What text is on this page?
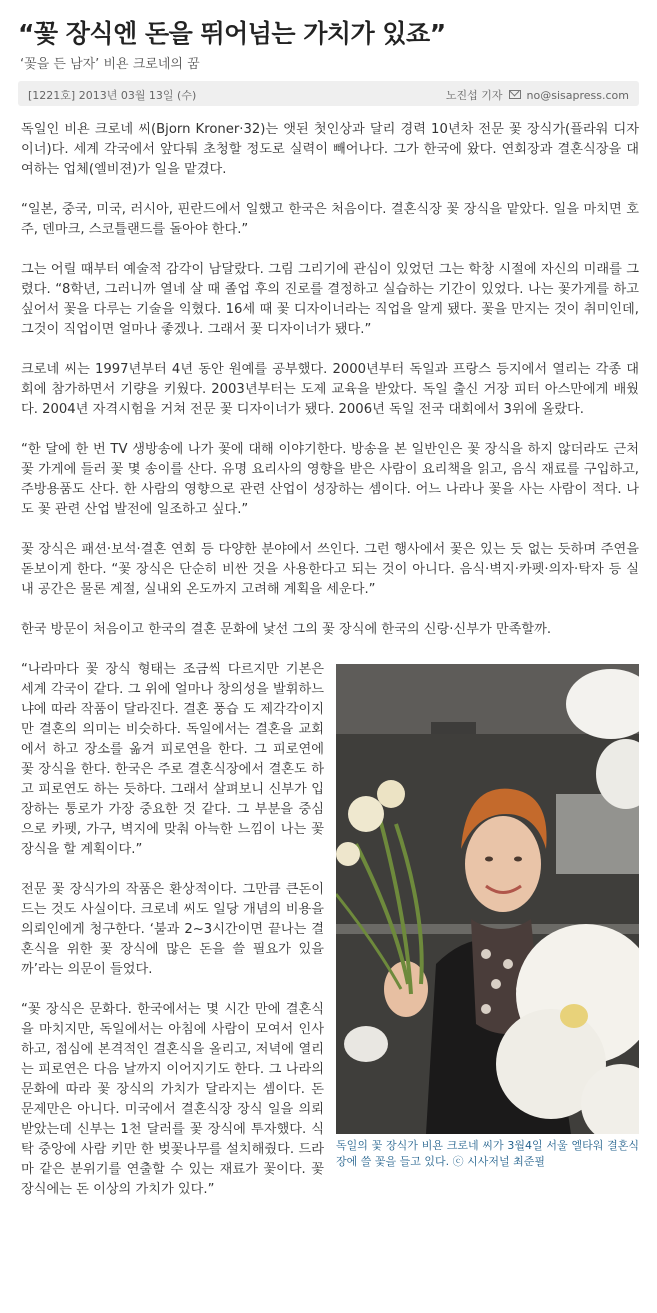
“꽃 장식엔 돈을 뛰어넘는 가치가 있죠”
‘꽃을 든 남자’ 비욘 크로네의 꿈
[1221호] 2013년 03월 13일 (수)	노진섭 기자 no@sisapress.com

독일인 비욘 크로네 씨(Bjorn Kroner·32)는 앳된 첫인상과 달리 경력 10년차 전문 꽃 장식가(플라워 디자이너)다. 세계 각국에서 앞다퉈 초청할 정도로 실력이 빼어나다. 그가 한국에 왔다. 연회장과 결혼식장을 대여하는 업체(엘비젼)가 일을 맡겼다.

“일본, 중국, 미국, 러시아, 핀란드에서 일했고 한국은 처음이다. 결혼식장 꽃 장식을 맡았다. 일을 마치면 호주, 덴마크, 스코틀랜드를 돌아야 한다.”

그는 어릴 때부터 예술적 감각이 남달랐다. 그림 그리기에 관심이 있었던 그는 학창 시절에 자신의 미래를 그렸다. “8학년, 그러니까 열네 살 때 졸업 후의 진로를 결정하고 실습하는 기간이 있었다. 나는 꽃가게를 하고 싶어서 꽃을 다루는 기술을 익혔다. 16세 때 꽃 디자이너라는 직업을 알게 됐다. 꽃을 만지는 것이 취미인데, 그것이 직업이면 얼마나 좋겠나. 그래서 꽃 디자이너가 됐다.”

크로네 씨는 1997년부터 4년 동안 원예를 공부했다. 2000년부터 독일과 프랑스 등지에서 열리는 각종 대회에 참가하면서 기량을 키웠다. 2003년부터는 도제 교육을 받았다. 독일 출신 거장 피터 아스만에게 배웠다. 2004년 자격시험을 거쳐 전문 꽃 디자이너가 됐다. 2006년 독일 전국 대회에서 3위에 올랐다.

“한 달에 한 번 TV 생방송에 나가 꽃에 대해 이야기한다. 방송을 본 일반인은 꽃 장식을 하지 않더라도 근처 꽃 가게에 들러 꽃 몇 송이를 산다. 유명 요리사의 영향을 받은 사람이 요리책을 읽고, 음식 재료를 구입하고, 주방용품도 산다. 한 사람의 영향으로 관련 산업이 성장하는 셈이다. 어느 나라나 꽃을 사는 사람이 적다. 나도 꽃 관련 산업 발전에 일조하고 싶다.”

꽃 장식은 패션·보석·결혼 연회 등 다양한 분야에서 쓰인다. 그런 행사에서 꽃은 있는 듯 없는 듯하며 주연을 돋보이게 한다. “꽃 장식은 단순히 비싼 것을 사용한다고 되는 것이 아니다. 음식·벽지·카펫·의자·탁자 등 실내 공간은 물론 계절, 실내외 온도까지 고려해 계획을 세운다.”

한국 방문이 처음이고 한국의 결혼 문화에 낯선 그의 꽃 장식에 한국의 신랑·신부가 만족할까.

독일의 꽃 장식가 비욘 크로네 씨가 3월4일 서울 엘타워 결혼식장에 쓸 꽃을 들고 있다. ⓒ 시사저널 최준필
“나라마다 꽃 장식 형태는 조금씩 다르지만 기본은 세계 각국이 같다. 그 위에 얼마나 창의성을 발휘하느냐에 따라 작품이 달라진다. 결혼 풍습 도 제각각이지만 결혼의 의미는 비슷하다. 독일에서는 결혼을 교회에서 하고 장소를 옮겨 피로연을 한다. 그 피로연에 꽃 장식을 한다. 한국은 주로 결혼식장에서 결혼도 하고 피로연도 하는 듯하다. 그래서 살펴보니 신부가 입장하는 통로가 가장 중요한 것 같다. 그 부분을 중심으로 카펫, 가구, 벽지에 맞춰 아늑한 느낌이 나는 꽃 장식을 할 계획이다.”

전문 꽃 장식가의 작품은 환상적이다. 그만큼 큰돈이 드는 것도 사실이다. 크로네 씨도 일당 개념의 비용을 의뢰인에게 청구한다. ‘불과 2~3시간이면 끝나는 결혼식을 위한 꽃 장식에 많은 돈을 쓸 필요가 있을까’라는 의문이 들었다.

“꽃 장식은 문화다. 한국에서는 몇 시간 만에 결혼식을 마치지만, 독일에서는 아침에 사람이 모여서 인사하고, 점심에 본격적인 결혼식을 올리고, 저녁에 열리는 피로연은 다음 날까지 이어지기도 한다. 그 나라의 문화에 따라 꽃 장식의 가치가 달라지는 셈이다. 돈 문제만은 아니다. 미국에서 결혼식장 장식 일을 의뢰받았는데 신부는 1천 달러를 꽃 장식에 투자했다. 식탁 중앙에 사람 키만 한 벚꽃나무를 설치해줬다. 드라마 같은 분위기를 연출할 수 있는 재료가 꽃이다. 꽃 장식에는 돈 이상의 가치가 있다.”
